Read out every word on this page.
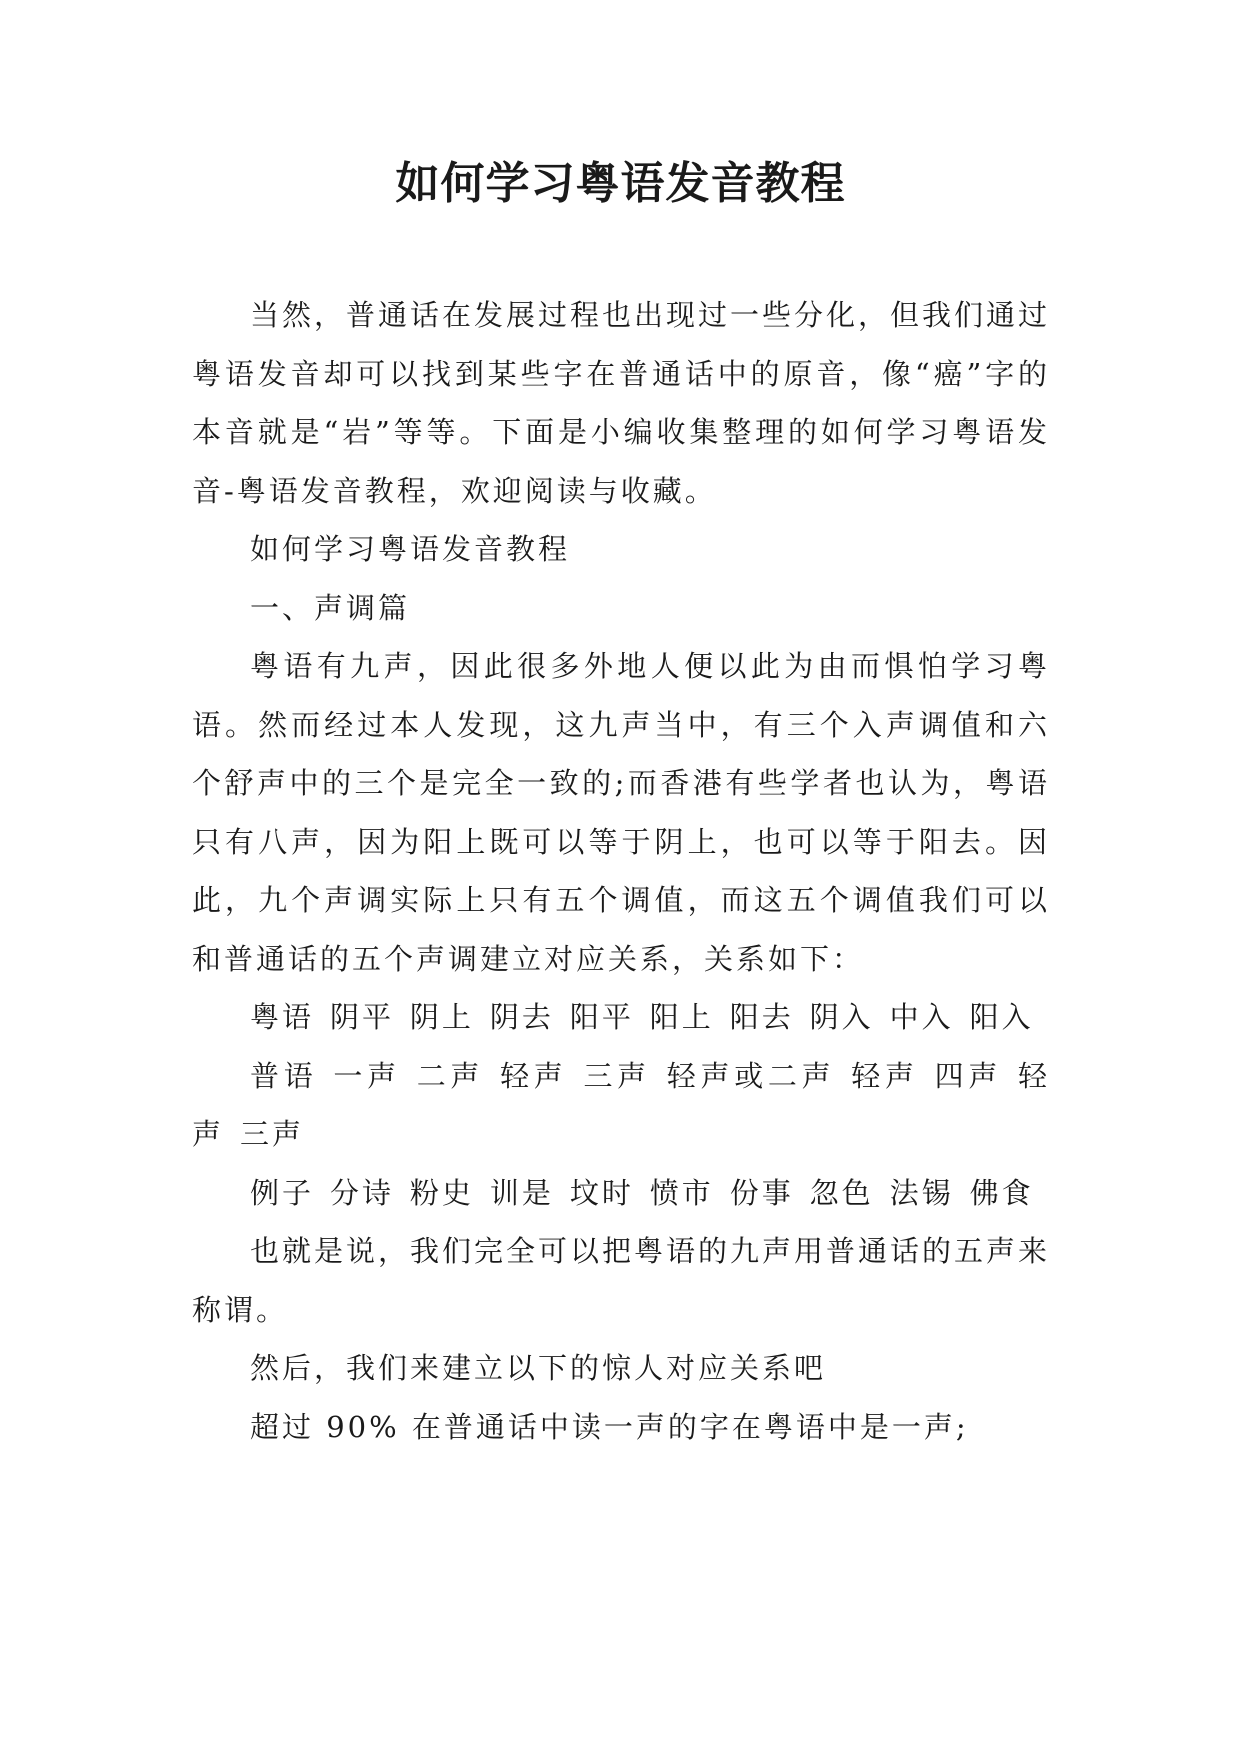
如何学习粤语发音教程

当然，普通话在发展过程也出现过一些分化，但我们通过粤语发音却可以找到某些字在普通话中的原音，像“癌”字的本音就是“岩”等等。下面是小编收集整理的如何学习粤语发音-粤语发音教程，欢迎阅读与收藏。

如何学习粤语发音教程

一、声调篇

粤语有九声，因此很多外地人便以此为由而惧怕学习粤语。然而经过本人发现，这九声当中，有三个入声调值和六个舒声中的三个是完全一致的;而香港有些学者也认为，粤语只有八声，因为阳上既可以等于阴上，也可以等于阳去。因此，九个声调实际上只有五个调值，而这五个调值我们可以和普通话的五个声调建立对应关系，关系如下：

粤语 阴平 阴上 阴去 阳平 阳上 阳去 阴入 中入 阳入

普语 一声 二声 轻声 三声 轻声或二声 轻声 四声 轻声 三声

例子 分诗 粉史 训是 坟时 愤市 份事 忽色 法锡 佛食

也就是说，我们完全可以把粤语的九声用普通话的五声来称谓。

然后，我们来建立以下的惊人对应关系吧

超过 90% 在普通话中读一声的字在粤语中是一声;
